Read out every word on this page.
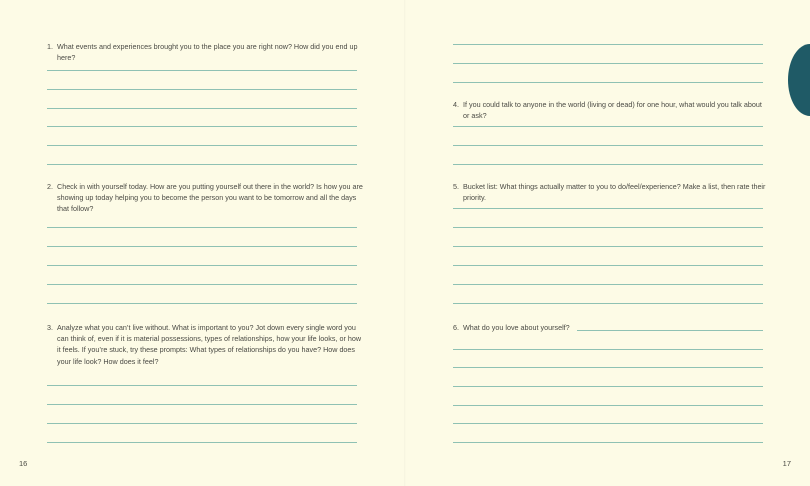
1. What events and experiences brought you to the place you are right now? How did you end up here?
2. Check in with yourself today. How are you putting yourself out there in the world? Is how you are showing up today helping you to become the person you want to be tomorrow and all the days that follow?
3. Analyze what you can’t live without. What is important to you? Jot down every single word you can think of, even if it is material possessions, types of relationships, how your life looks, or how it feels. If you’re stuck, try these prompts: What types of relationships do you have? How does your life look? How does it feel?
16
4. If you could talk to anyone in the world (living or dead) for one hour, what would you talk about or ask?
5. Bucket list: What things actually matter to you to do/feel/experience? Make a list, then rate their priority.
6. What do you love about yourself?
17
